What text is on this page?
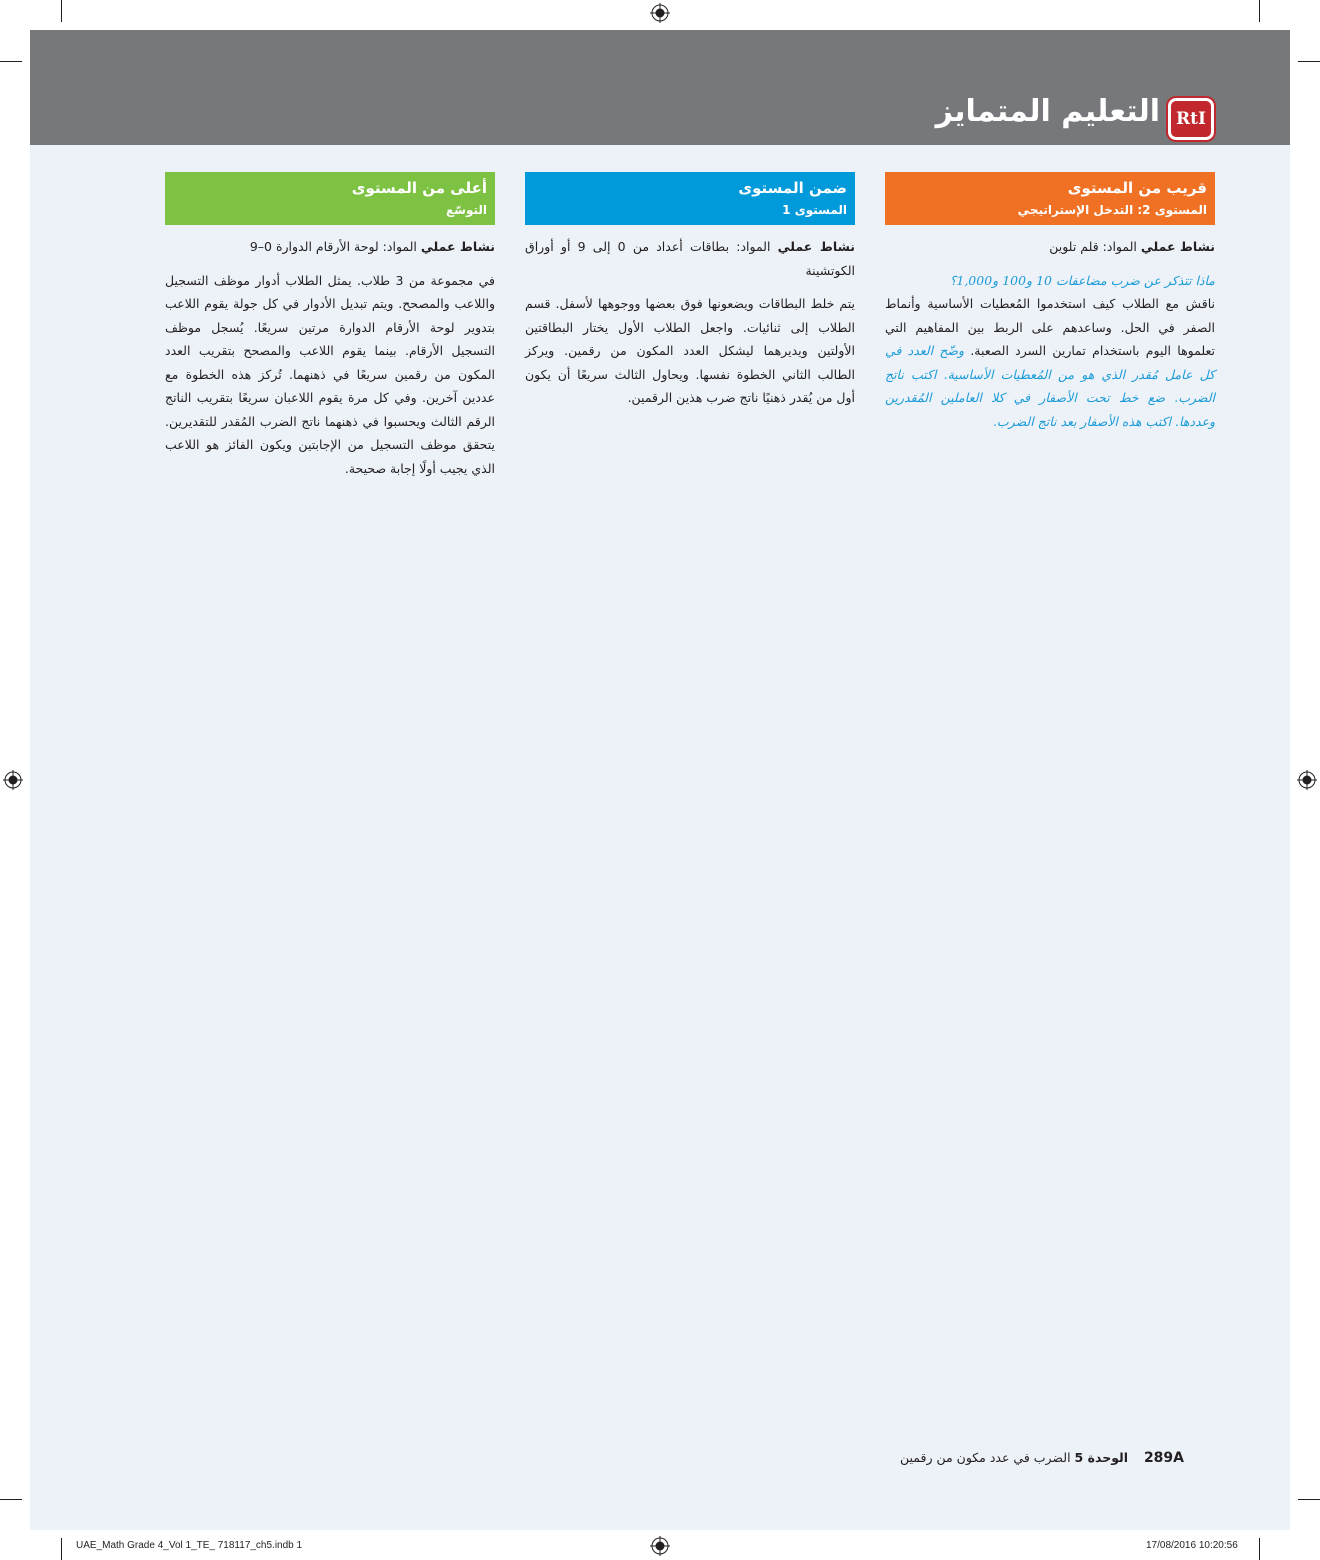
التعليم المتمايز RtI
قريب من المستوى
المستوى 2: التدخل الإستراتيجي
نشاط عملي المواد: قلم تلوين
ماذا تتذكر عن ضرب مضاعفات 10 و100 و1,000؟
ناقش مع الطلاب كيف استخدموا المُعطيات الأساسية وأنماط الصفر في الحل. وساعدهم على الربط بين المفاهيم التي تعلموها اليوم باستخدام تمارين السرد الصعبة. وضّح العدد في كل عامل مُقدر الذي هو من المُعطيات الأساسية. اكتب ناتج الضرب. ضع خط تحت الأصفار في كلا العاملين المُقدرين وعددها. اكتب هذه الأصفار بعد ناتج الضرب.
ضمن المستوى
المستوى 1
نشاط عملي المواد: بطاقات أعداد من 0 إلى 9 أو أوراق الكوتشينة
يتم خلط البطاقات ويضعونها فوق بعضها ووجوهها لأسفل. قسم الطلاب إلى ثنائيات. واجعل الطلاب الأول يختار البطاقتين الأولتين ويديرهما ليشكل العدد المكون من رقمين. ويركز الطالب الثاني الخطوة نفسها. ويحاول الثالث سريعًا أن يكون أول من يُقدر ذهنيًا ناتج ضرب هذين الرقمين.
أعلى من المستوى
التوسّع
نشاط عملي المواد: لوحة الأرقام الدوارة 0–9
في مجموعة من 3 طلاب. يمثل الطلاب أدوار موظف التسجيل واللاعب والمصحح. ويتم تبديل الأدوار في كل جولة يقوم اللاعب بتدوير لوحة الأرقام الدوارة مرتين سريعًا. يُسجل موظف التسجيل الأرقام. بينما يقوم اللاعب والمصحح بتقريب العدد المكون من رقمين سريعًا في ذهنهما. تُركز هذه الخطوة مع عددين آخرين. وفي كل مرة يقوم اللاعبان سريعًا بتقريب الناتج الرقم الثالث ويحسبوا في ذهنهما ناتج الضرب المُقدر للتقديرين. يتحقق موظف التسجيل من الإجابتين ويكون الفائز هو اللاعب الذي يجيب أولًا إجابة صحيحة.
289A    الوحدة 5 الضرب في عدد مكون من رقمين
UAE_Math Grade 4_Vol 1_TE_ 718117_ch5.indb 1	17/08/2016 10:20:56
